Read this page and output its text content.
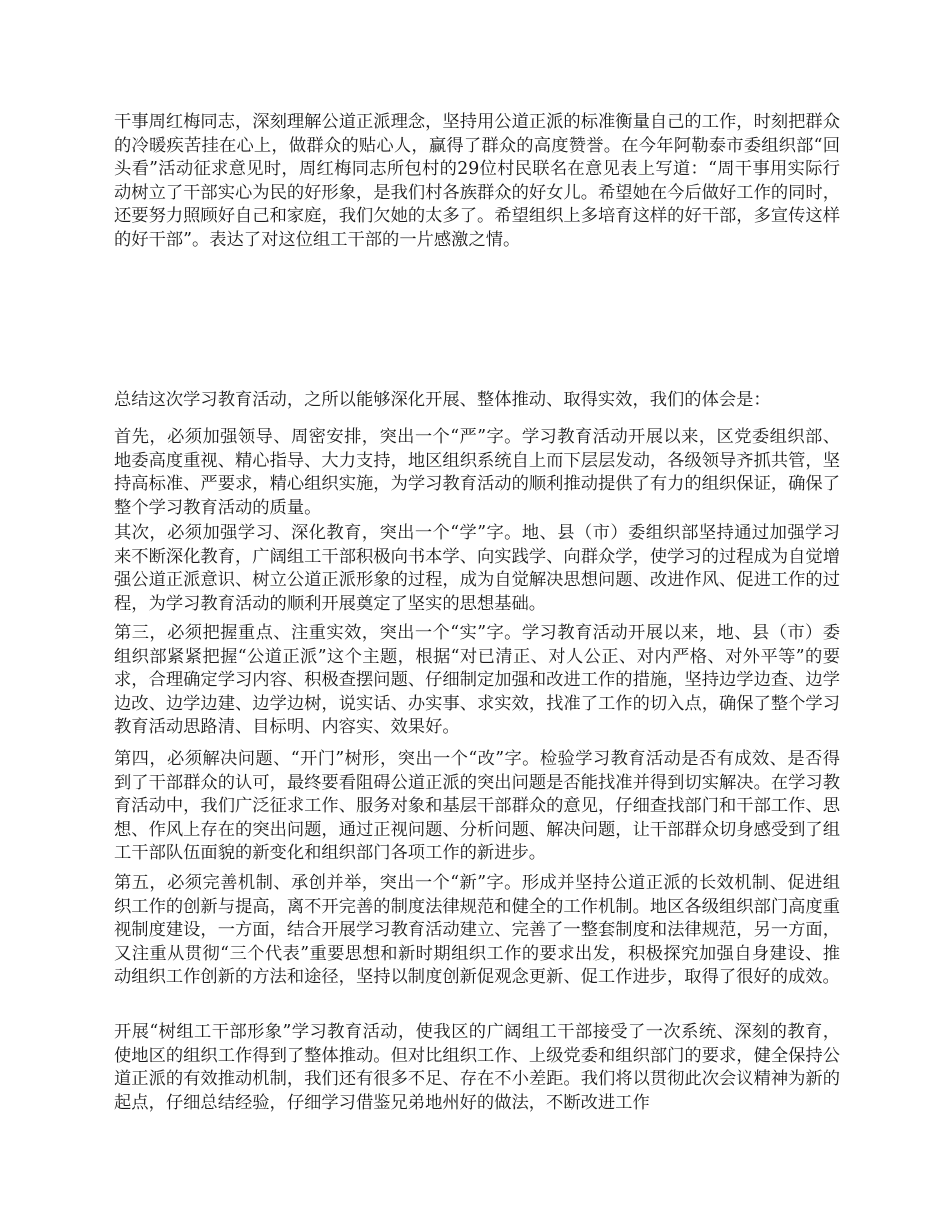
干事周红梅同志，深刻理解公道正派理念，坚持用公道正派的标准衡量自己的工作，时刻把群众的冷暖疾苦挂在心上，做群众的贴心人，赢得了群众的高度赞誉。在今年阿勒泰市委组织部“回头看”活动征求意见时，周红梅同志所包村的29位村民联名在意见表上写道：“周干事用实际行动树立了干部实心为民的好形象，是我们村各族群众的好女儿。希望她在今后做好工作的同时，还要努力照顾好自己和家庭，我们欠她的太多了。希望组织上多培育这样的好干部，多宣传这样的好干部”。表达了对这位组工干部的一片感激之情。

总结这次学习教育活动，之所以能够深化开展、整体推动、取得实效，我们的体会是：

首先，必须加强领导、周密安排，突出一个“严”字。学习教育活动开展以来，区党委组织部、地委高度重视、精心指导、大力支持，地区组织系统自上而下层层发动，各级领导齐抓共管，坚持高标准、严要求，精心组织实施，为学习教育活动的顺利推动提供了有力的组织保证，确保了整个学习教育活动的质量。

其次，必须加强学习、深化教育，突出一个“学”字。地、县（市）委组织部坚持通过加强学习来不断深化教育，广阔组工干部积极向书本学、向实践学、向群众学，使学习的过程成为自觉增强公道正派意识、树立公道正派形象的过程，成为自觉解决思想问题、改进作风、促进工作的过程，为学习教育活动的顺利开展奠定了坚实的思想基础。

第三，必须把握重点、注重实效，突出一个“实”字。学习教育活动开展以来，地、县（市）委组织部紧紧把握“公道正派”这个主题，根据“对已清正、对人公正、对内严格、对外平等”的要求，合理确定学习内容、积极查摆问题、仔细制定加强和改进工作的措施，坚持边学边查、边学边改、边学边建、边学边树，说实话、办实事、求实效，找准了工作的切入点，确保了整个学习教育活动思路清、目标明、内容实、效果好。

第四，必须解决问题、“开门”树形，突出一个“改”字。检验学习教育活动是否有成效、是否得到了干部群众的认可，最终要看阻碍公道正派的突出问题是否能找准并得到切实解决。在学习教育活动中，我们广泛征求工作、服务对象和基层干部群众的意见，仔细查找部门和干部工作、思想、作风上存在的突出问题，通过正视问题、分析问题、解决问题，让干部群众切身感受到了组工干部队伍面貌的新变化和组织部门各项工作的新进步。

第五，必须完善机制、承创并举，突出一个“新”字。形成并坚持公道正派的长效机制、促进组织工作的创新与提高，离不开完善的制度法律规范和健全的工作机制。地区各级组织部门高度重视制度建设，一方面，结合开展学习教育活动建立、完善了一整套制度和法律规范，另一方面，又注重从贯彻“三个代表”重要思想和新时期组织工作的要求出发，积极探究加强自身建设、推动组织工作创新的方法和途径，坚持以制度创新促观念更新、促工作进步，取得了很好的成效。

开展“树组工干部形象”学习教育活动，使我区的广阔组工干部接受了一次系统、深刻的教育，使地区的组织工作得到了整体推动。但对比组织工作、上级党委和组织部门的要求，健全保持公道正派的有效推动机制，我们还有很多不足、存在不小差距。我们将以贯彻此次会议精神为新的起点，仔细总结经验，仔细学习借鉴兄弟地州好的做法，不断改进工作
